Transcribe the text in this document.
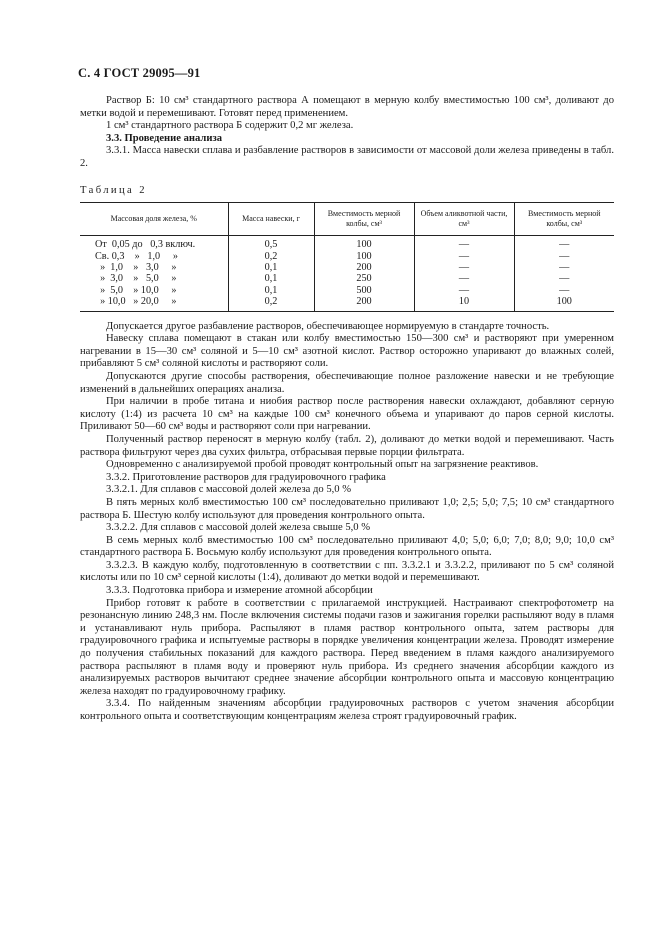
С. 4 ГОСТ 29095—91

Раствор Б: 10 см³ стандартного раствора А помещают в мерную колбу вместимостью 100 см³, доливают до метки водой и перемешивают. Готовят перед применением.

1 см³ стандартного раствора Б содержит 0,2 мг железа.

3.3. Проведение анализа

3.3.1. Масса навески сплава и разбавление растворов в зависимости от массовой доли железа приведены в табл. 2.

Таблица 2

Массовая доля железа, %	Масса навески, г	Вместимость мерной колбы, см³	Объем аликвотной части, см³	Вместимость мерной колбы, см³
От  0,05 до   0,3 включ.	0,5	100	—	—
Св. 0,3    »   1,0     »	0,2	100	—	—
»  1,0    »   3,0     »	0,1	200	—	—
»  3,0    »   5,0     »	0,1	250	—	—
»  5,0    » 10,0     »	0,1	500	—	—
» 10,0   » 20,0     »	0,2	200	10	100

Допускается другое разбавление растворов, обеспечивающее нормируемую в стандарте точность.

Навеску сплава помещают в стакан или колбу вместимостью 150—300 см³ и растворяют при умеренном нагревании в 15—30 см³ соляной и 5—10 см³ азотной кислот. Раствор осторожно упаривают до влажных солей, прибавляют 5 см³ соляной кислоты и растворяют соли.

Допускаются другие способы растворения, обеспечивающие полное разложение навески и не требующие изменений в дальнейших операциях анализа.

При наличии в пробе титана и ниобия раствор после растворения навески охлаждают, добавляют серную кислоту (1:4) из расчета 10 см³ на каждые 100 см³ конечного объема и упаривают до паров серной кислоты. Приливают 50—60 см³ воды и растворяют соли при нагревании.

Полученный раствор переносят в мерную колбу (табл. 2), доливают до метки водой и перемешивают. Часть раствора фильтруют через два сухих фильтра, отбрасывая первые порции фильтрата.

Одновременно с анализируемой пробой проводят контрольный опыт на загрязнение реактивов.

3.3.2. Приготовление растворов для градуировочного графика

3.3.2.1. Для сплавов с массовой долей железа до 5,0 %

В пять мерных колб вместимостью 100 см³ последовательно приливают 1,0; 2,5; 5,0; 7,5; 10 см³ стандартного раствора Б. Шестую колбу используют для проведения контрольного опыта.

3.3.2.2. Для сплавов с массовой долей железа свыше 5,0 %

В семь мерных колб вместимостью 100 см³ последовательно приливают 4,0; 5,0; 6,0; 7,0; 8,0; 9,0; 10,0 см³ стандартного раствора Б. Восьмую колбу используют для проведения контрольного опыта.

3.3.2.3. В каждую колбу, подготовленную в соответствии с пп. 3.3.2.1 и 3.3.2.2, приливают по 5 см³ соляной кислоты или по 10 см³ серной кислоты (1:4), доливают до метки водой и перемешивают.

3.3.3. Подготовка прибора и измерение атомной абсорбции

Прибор готовят к работе в соответствии с прилагаемой инструкцией. Настраивают спектрофотометр на резонансную линию 248,3 нм. После включения системы подачи газов и зажигания горелки распыляют воду в пламя и устанавливают нуль прибора. Распыляют в пламя раствор контрольного опыта, затем растворы для градуировочного графика и испытуемые растворы в порядке увеличения концентрации железа. Проводят измерение до получения стабильных показаний для каждого раствора. Перед введением в пламя каждого анализируемого раствора распыляют в пламя воду и проверяют нуль прибора. Из среднего значения абсорбции каждого из анализируемых растворов вычитают среднее значение абсорбции контрольного опыта и массовую концентрацию железа находят по градуировочному графику.

3.3.4. По найденным значениям абсорбции градуировочных растворов с учетом значения абсорбции контрольного опыта и соответствующим концентрациям железа строят градуировочный график.
